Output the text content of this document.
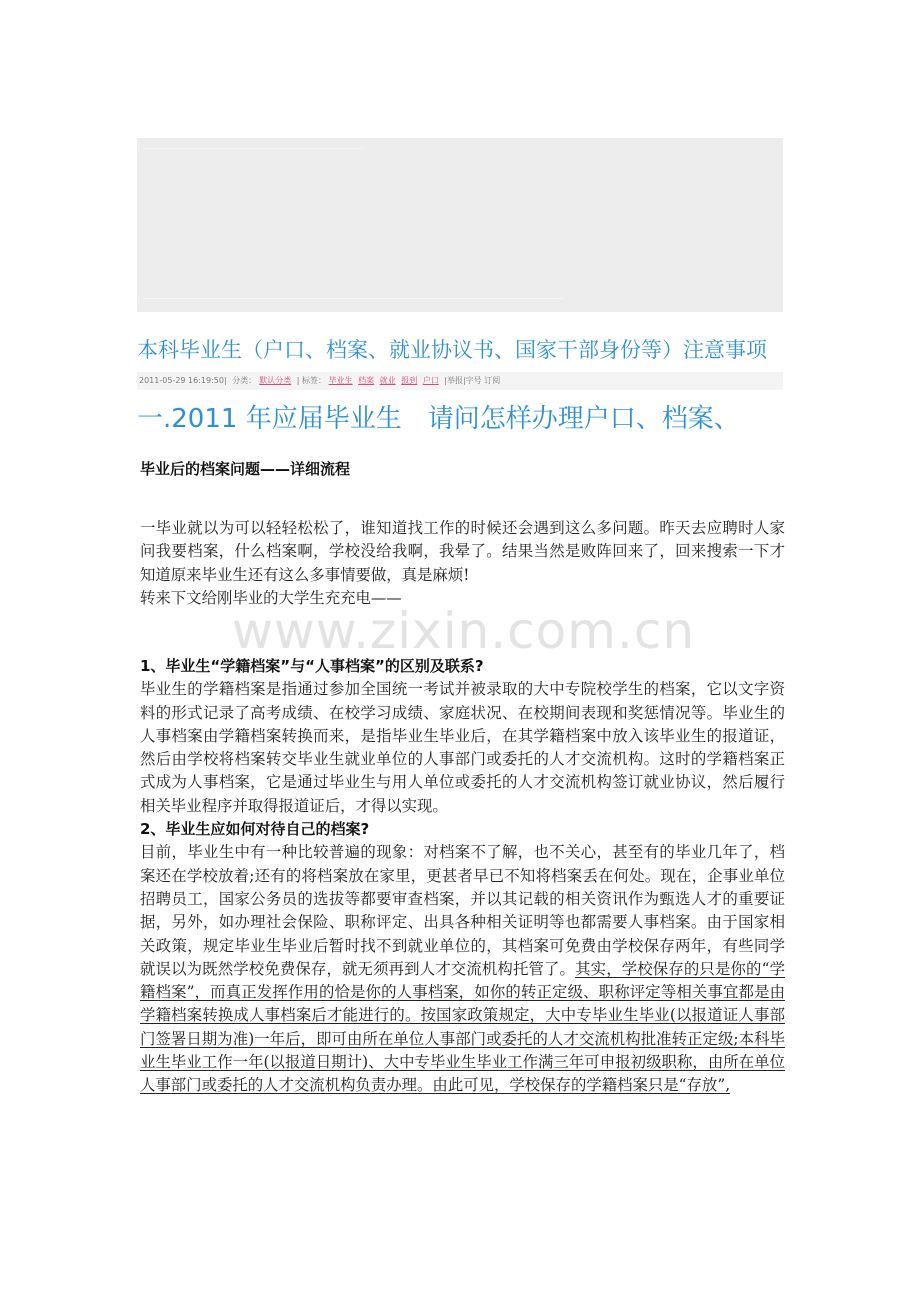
本科毕业生（户口、档案、就业协议书、国家干部身份等）注意事项
2011-05-29 16:19:50| 分类： 默认分类 | 标签： 毕业生 档案 就业 报到 户口 |举报|字号 订阅
一.2011 年应届毕业生　请问怎样办理户口、档案、
毕业后的档案问题——详细流程

一毕业就以为可以轻轻松松了，谁知道找工作的时候还会遇到这么多问题。昨天去应聘时人家问我要档案，什么档案啊，学校没给我啊，我晕了。结果当然是败阵回来了，回来搜索一下才知道原来毕业生还有这么多事情要做，真是麻烦!

转来下文给刚毕业的大学生充充电——

www.zixin.com.cn

1、毕业生“学籍档案”与“人事档案”的区别及联系?

毕业生的学籍档案是指通过参加全国统一考试并被录取的大中专院校学生的档案，它以文字资料的形式记录了高考成绩、在校学习成绩、家庭状况、在校期间表现和奖惩情况等。毕业生的人事档案由学籍档案转换而来，是指毕业生毕业后，在其学籍档案中放入该毕业生的报道证，然后由学校将档案转交毕业生就业单位的人事部门或委托的人才交流机构。这时的学籍档案正式成为人事档案，它是通过毕业生与用人单位或委托的人才交流机构签订就业协议，然后履行相关毕业程序并取得报道证后，才得以实现。

2、毕业生应如何对待自己的档案?

目前，毕业生中有一种比较普遍的现象：对档案不了解，也不关心，甚至有的毕业几年了，档案还在学校放着;还有的将档案放在家里，更甚者早已不知将档案丢在何处。现在，企事业单位招聘员工，国家公务员的选拔等都要审查档案，并以其记载的相关资讯作为甄选人才的重要证据，另外，如办理社会保险、职称评定、出具各种相关证明等也都需要人事档案。由于国家相关政策，规定毕业生毕业后暂时找不到就业单位的，其档案可免费由学校保存两年，有些同学就误以为既然学校免费保存，就无须再到人才交流机构托管了。其实，学校保存的只是你的“学籍档案”，而真正发挥作用的恰是你的人事档案，如你的转正定级、职称评定等相关事宜都是由学籍档案转换成人事档案后才能进行的。按国家政策规定，大中专毕业生毕业(以报道证人事部门签署日期为准)一年后，即可由所在单位人事部门或委托的人才交流机构批准转正定级;本科毕业生毕业工作一年(以报道日期计)、大中专毕业生毕业工作满三年可申报初级职称，由所在单位人事部门或委托的人才交流机构负责办理。由此可见，学校保存的学籍档案只是“存放”,
